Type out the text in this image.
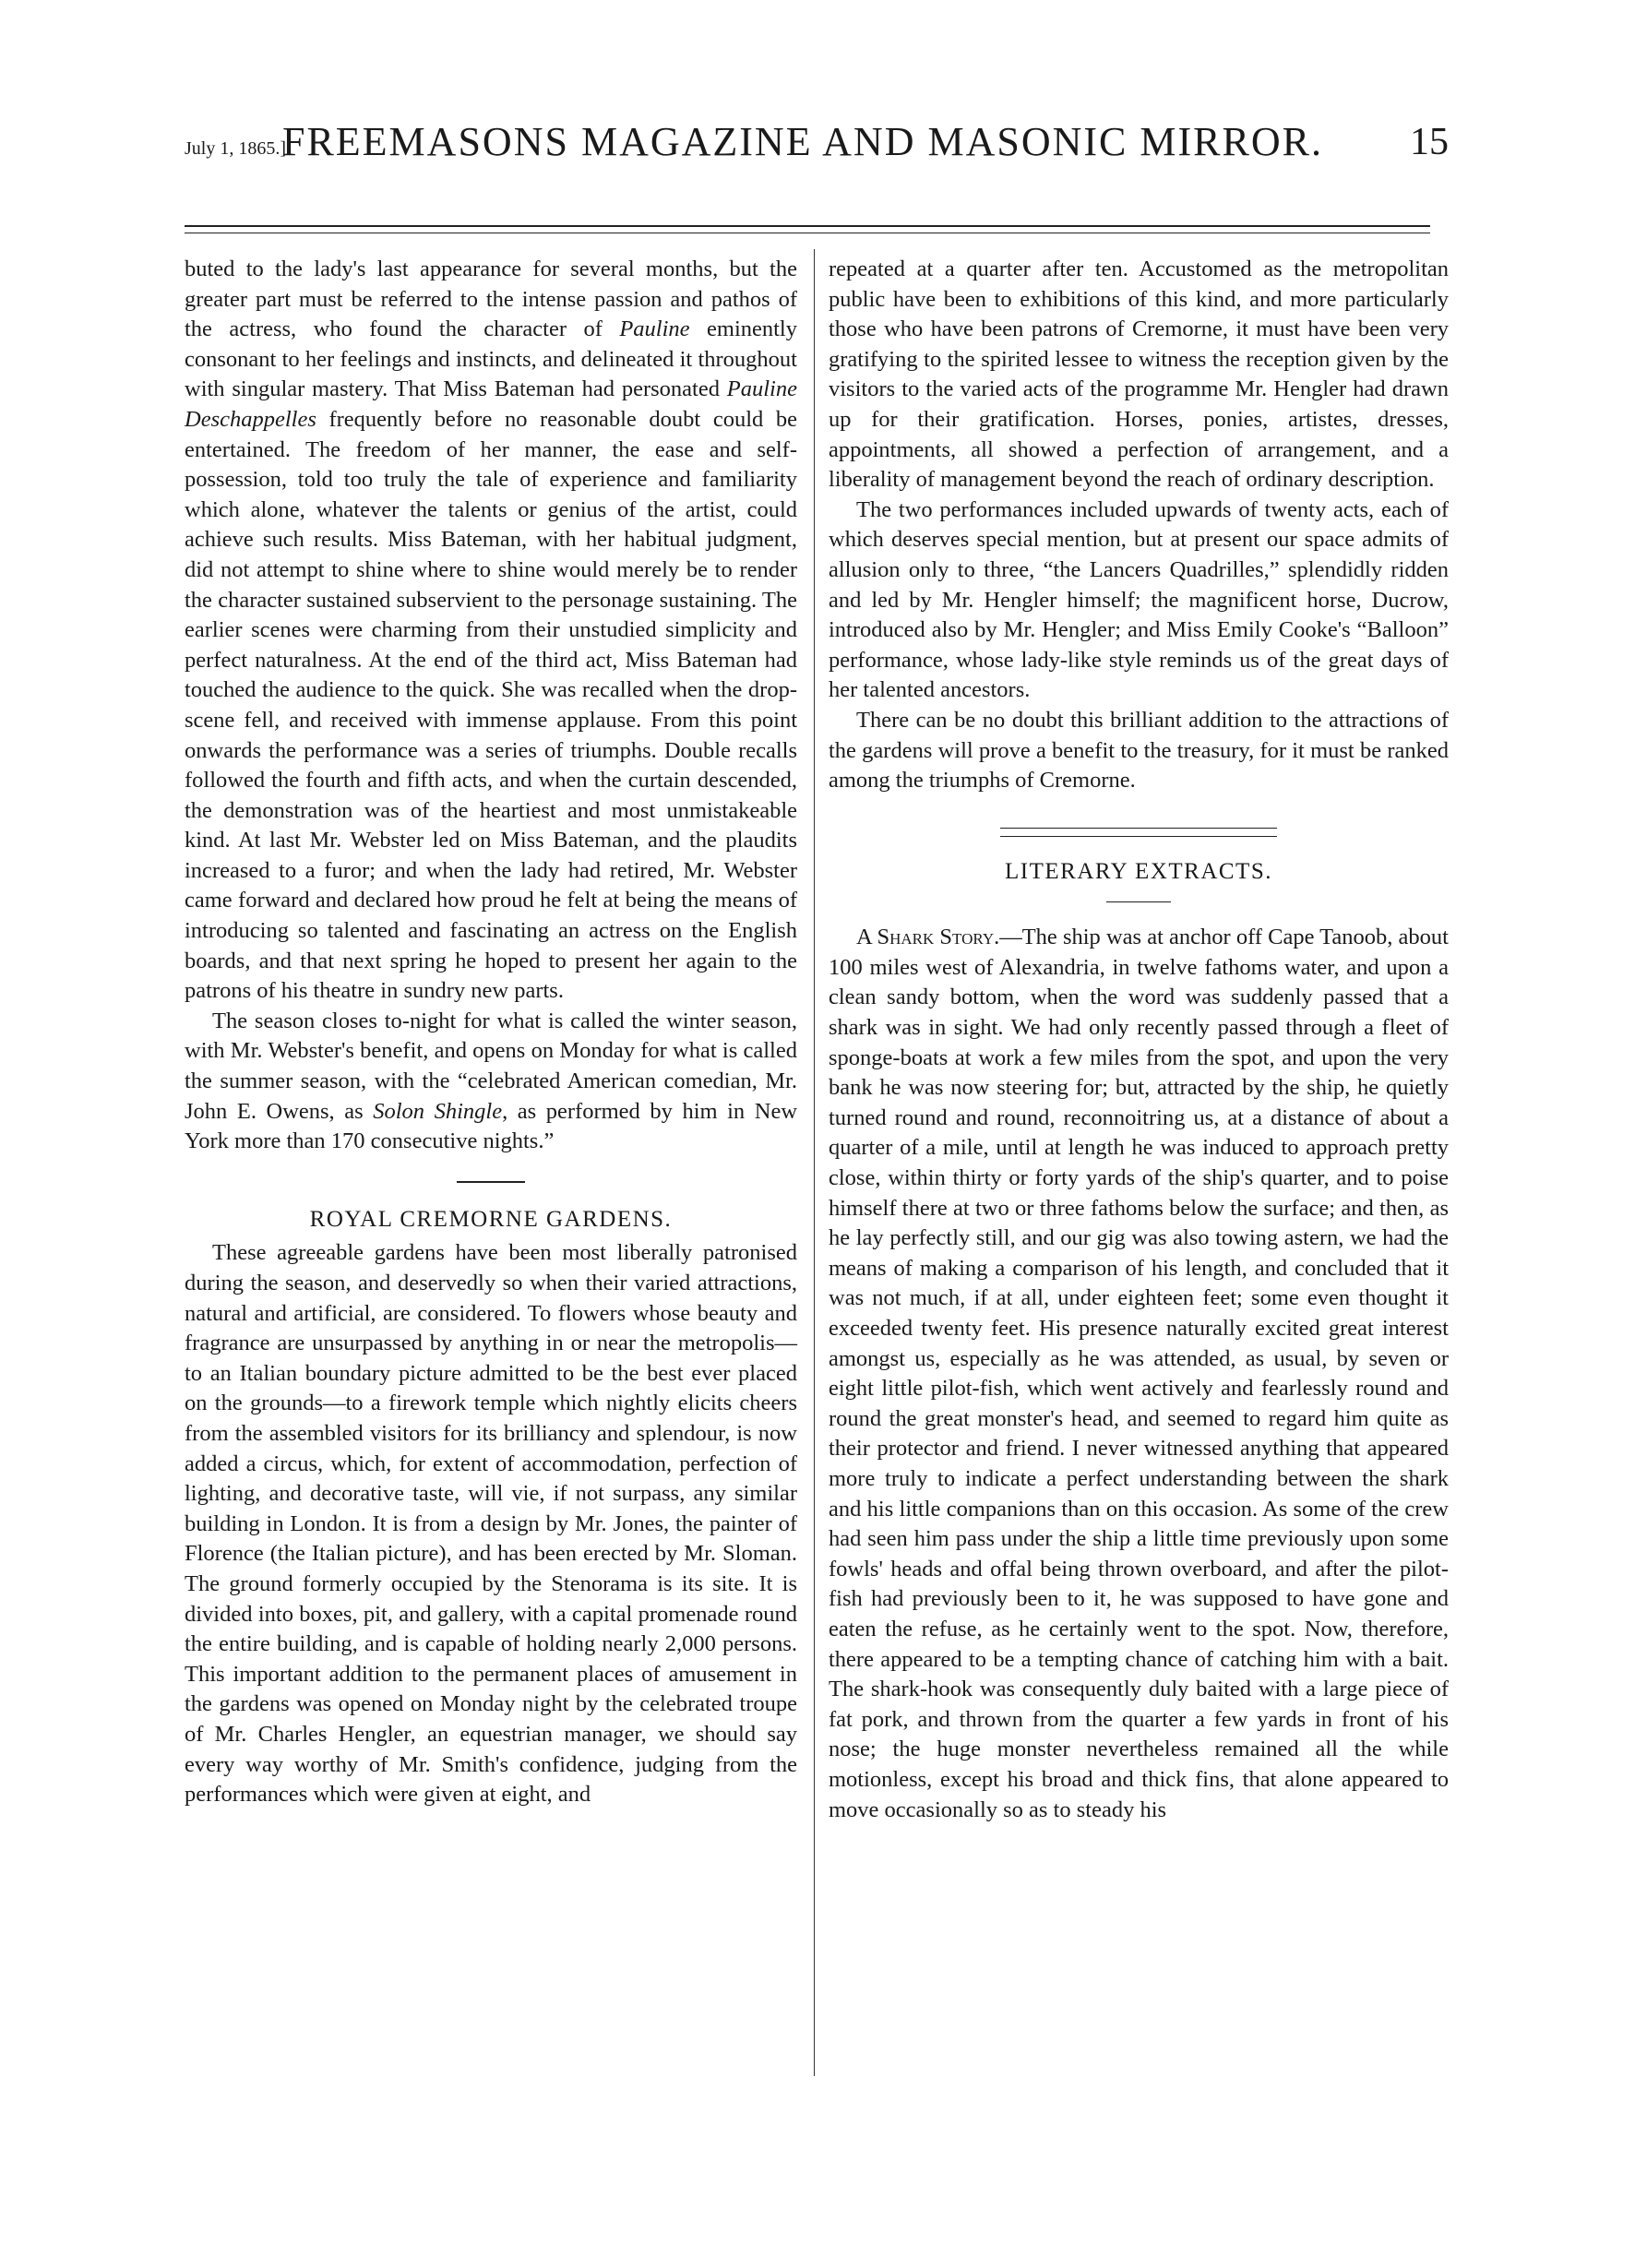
July 1, 1865.]
FREEMASONS MAGAZINE AND MASONIC MIRROR.	15

buted to the lady's last appearance for several months, but the greater part must be referred to the intense passion and pathos of the actress, who found the character of Pauline eminently consonant to her feelings and instincts, and delineated it throughout with singular mastery. That Miss Bateman had personated Pauline Deschappelles frequently before no reasonable doubt could be entertained. The freedom of her manner, the ease and self-possession, told too truly the tale of experience and familiarity which alone, whatever the talents or genius of the artist, could achieve such results. Miss Bateman, with her habitual judgment, did not attempt to shine where to shine would merely be to render the character sustained subservient to the personage sustaining. The earlier scenes were charming from their unstudied simplicity and perfect naturalness. At the end of the third act, Miss Bateman had touched the audience to the quick. She was recalled when the drop-scene fell, and received with immense applause. From this point onwards the performance was a series of triumphs. Double recalls followed the fourth and fifth acts, and when the curtain descended, the demonstration was of the heartiest and most unmistakeable kind. At last Mr. Webster led on Miss Bateman, and the plaudits increased to a furor; and when the lady had retired, Mr. Webster came forward and declared how proud he felt at being the means of introducing so talented and fascinating an actress on the English boards, and that next spring he hoped to present her again to the patrons of his theatre in sundry new parts.

The season closes to-night for what is called the winter season, with Mr. Webster's benefit, and opens on Monday for what is called the summer season, with the “celebrated American comedian, Mr. John E. Owens, as Solon Shingle, as performed by him in New York more than 170 consecutive nights.”

ROYAL CREMORNE GARDENS.

These agreeable gardens have been most liberally patronised during the season, and deservedly so when their varied attractions, natural and artificial, are considered. To flowers whose beauty and fragrance are unsurpassed by anything in or near the metropolis—to an Italian boundary picture admitted to be the best ever placed on the grounds—to a firework temple which nightly elicits cheers from the assembled visitors for its brilliancy and splendour, is now added a circus, which, for extent of accommodation, perfection of lighting, and decorative taste, will vie, if not surpass, any similar building in London. It is from a design by Mr. Jones, the painter of Florence (the Italian picture), and has been erected by Mr. Sloman. The ground formerly occupied by the Stenorama is its site. It is divided into boxes, pit, and gallery, with a capital promenade round the entire building, and is capable of holding nearly 2,000 persons. This important addition to the permanent places of amusement in the gardens was opened on Monday night by the celebrated troupe of Mr. Charles Hengler, an equestrian manager, we should say every way worthy of Mr. Smith's confidence, judging from the performances which were given at eight, and

repeated at a quarter after ten. Accustomed as the metropolitan public have been to exhibitions of this kind, and more particularly those who have been patrons of Cremorne, it must have been very gratifying to the spirited lessee to witness the reception given by the visitors to the varied acts of the programme Mr. Hengler had drawn up for their gratification. Horses, ponies, artistes, dresses, appointments, all showed a perfection of arrangement, and a liberality of management beyond the reach of ordinary description.

The two performances included upwards of twenty acts, each of which deserves special mention, but at present our space admits of allusion only to three, “the Lancers Quadrilles,” splendidly ridden and led by Mr. Hengler himself; the magnificent horse, Ducrow, introduced also by Mr. Hengler; and Miss Emily Cooke's “Balloon” performance, whose lady-like style reminds us of the great days of her talented ancestors.

There can be no doubt this brilliant addition to the attractions of the gardens will prove a benefit to the treasury, for it must be ranked among the triumphs of Cremorne.

LITERARY EXTRACTS.

A Shark Story.—The ship was at anchor off Cape Tanoob, about 100 miles west of Alexandria, in twelve fathoms water, and upon a clean sandy bottom, when the word was suddenly passed that a shark was in sight. We had only recently passed through a fleet of sponge-boats at work a few miles from the spot, and upon the very bank he was now steering for; but, attracted by the ship, he quietly turned round and round, reconnoitring us, at a distance of about a quarter of a mile, until at length he was induced to approach pretty close, within thirty or forty yards of the ship's quarter, and to poise himself there at two or three fathoms below the surface; and then, as he lay perfectly still, and our gig was also towing astern, we had the means of making a comparison of his length, and concluded that it was not much, if at all, under eighteen feet; some even thought it exceeded twenty feet. His presence naturally excited great interest amongst us, especially as he was attended, as usual, by seven or eight little pilot-fish, which went actively and fearlessly round and round the great monster's head, and seemed to regard him quite as their protector and friend. I never witnessed anything that appeared more truly to indicate a perfect understanding between the shark and his little companions than on this occasion. As some of the crew had seen him pass under the ship a little time previously upon some fowls' heads and offal being thrown overboard, and after the pilot-fish had previously been to it, he was supposed to have gone and eaten the refuse, as he certainly went to the spot. Now, therefore, there appeared to be a tempting chance of catching him with a bait. The shark-hook was consequently duly baited with a large piece of fat pork, and thrown from the quarter a few yards in front of his nose; the huge monster nevertheless remained all the while motionless, except his broad and thick fins, that alone appeared to move occasionally so as to steady his
